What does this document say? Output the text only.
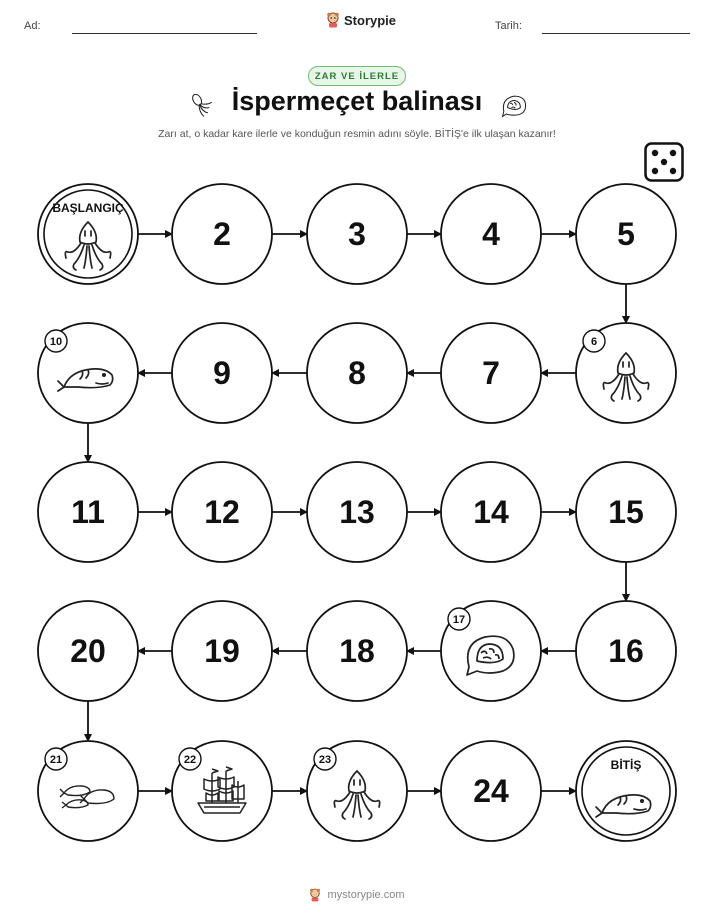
Ad:	Storypie	Tarih:
ZAR VE İLERLE
İspermeçet balinası
Zarı at, o kadar kare ilerle ve konduğun resmin adını söyle. BİTİŞ'e ilk ulaşan kazanır!
BAŞLANGIÇ
2	3	4	5
6
7
8
9
10
11	12	13	14	15
16
17
18
19
20
21	22	23
24
BİTİŞ
mystorypie.com
